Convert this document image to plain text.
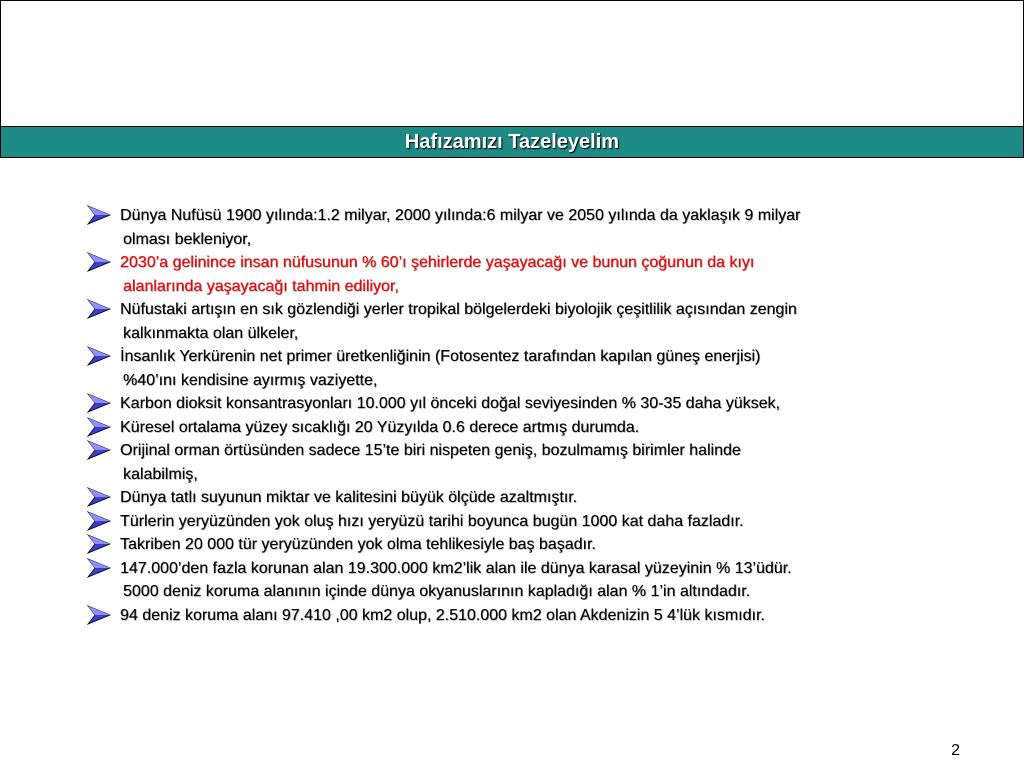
Hafızamızı Tazeleyelim
Dünya Nufüsü 1900 yılında:1.2 milyar, 2000 yılında:6 milyar ve 2050 yılında da yaklaşık 9 milyar
olması bekleniyor,
2030’a gelinince insan nüfusunun % 60’ı şehirlerde yaşayacağı ve bunun çoğunun da kıyı
alanlarında yaşayacağı tahmin ediliyor,
Nüfustaki artışın en sık gözlendiği yerler tropikal bölgelerdeki biyolojik çeşitlilik açısından zengin
kalkınmakta olan ülkeler,
İnsanlık Yerkürenin net primer üretkenliğinin (Fotosentez tarafından kapılan güneş enerjisi)
%40’ını kendisine ayırmış vaziyette,
Karbon dioksit konsantrasyonları 10.000 yıl önceki doğal seviyesinden % 30-35 daha yüksek,
Küresel ortalama yüzey sıcaklığı 20 Yüzyılda 0.6 derece artmış durumda.
Orijinal orman örtüsünden sadece 15’te biri nispeten geniş, bozulmamış birimler halinde
kalabilmiş,
Dünya tatlı suyunun miktar ve kalitesini büyük ölçüde azaltmıştır.
Türlerin yeryüzünden yok oluş hızı yeryüzü tarihi boyunca bugün 1000 kat daha fazladır.
Takriben 20 000 tür yeryüzünden yok olma tehlikesiyle baş başadır.
147.000’den fazla korunan alan 19.300.000 km2’lik alan ile dünya karasal yüzeyinin % 13’üdür.
5000 deniz koruma alanının içinde dünya okyanuslarının kapladığı alan % 1’in altındadır.
94 deniz koruma alanı 97.410 ,00 km2 olup, 2.510.000 km2 olan Akdenizin 5 4’lük kısmıdır.
2
